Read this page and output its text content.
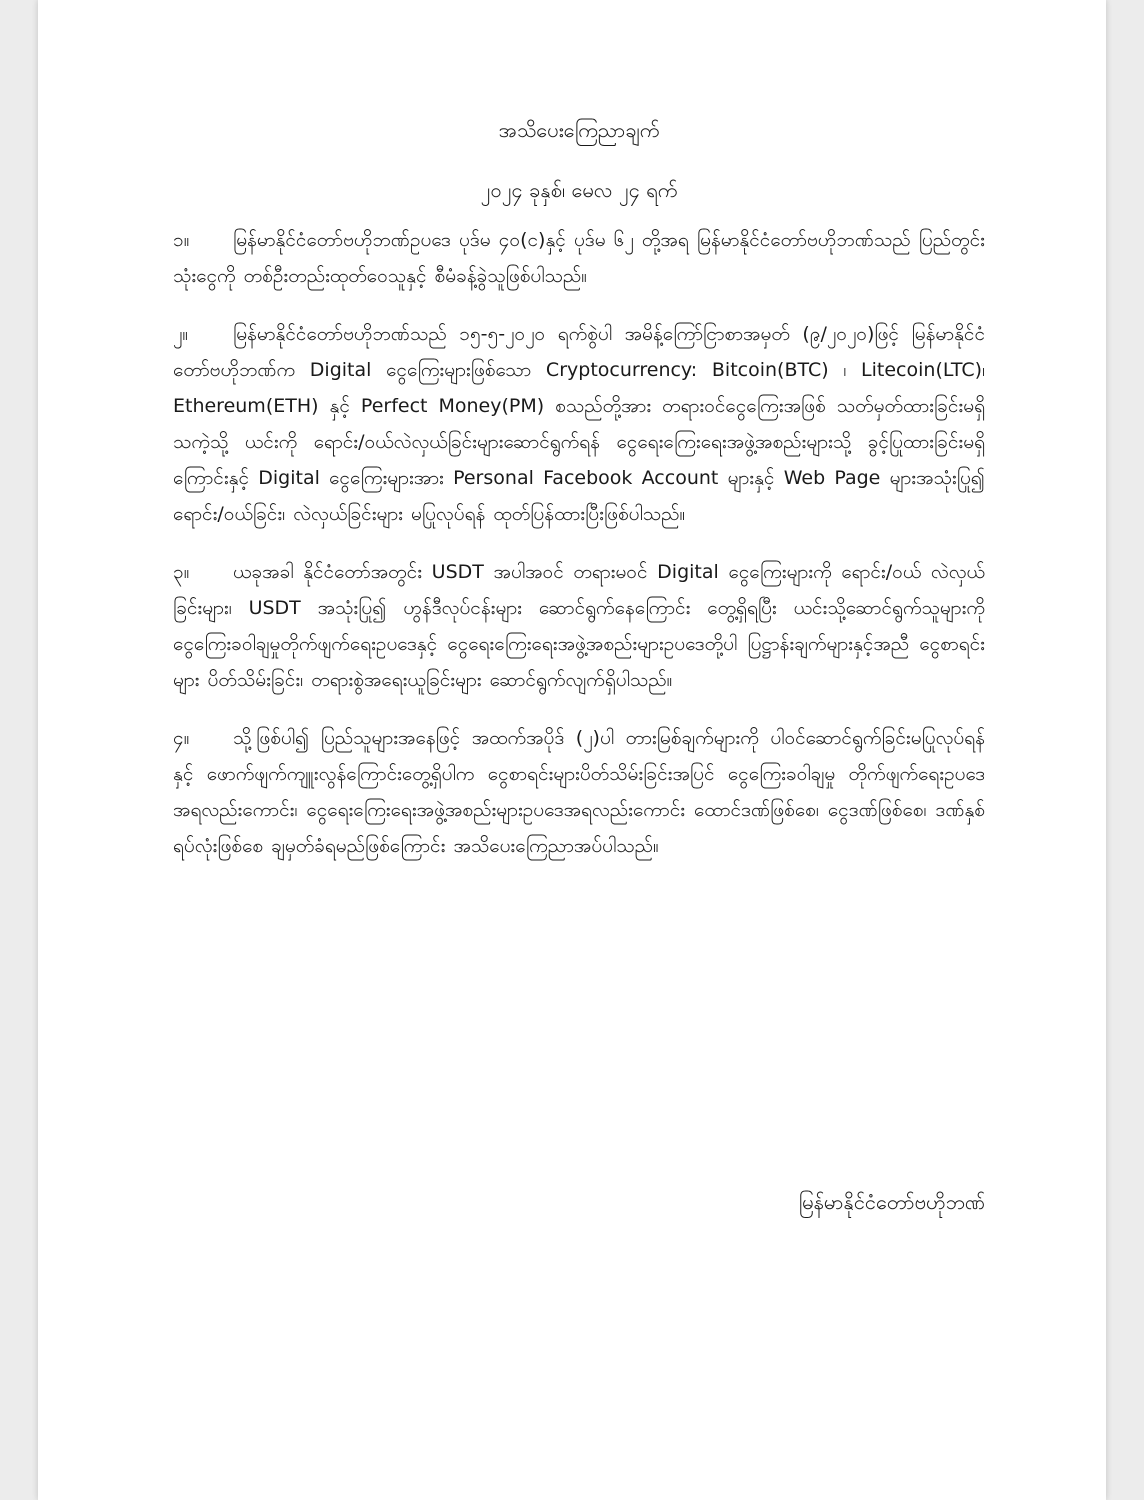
အသိပေးကြေညာချက်

၂၀၂၄ ခုနှစ်၊ မေလ ၂၄ ရက်

၁။ မြန်မာနိုင်ငံတော်ဗဟိုဘဏ်ဥပဒေ ပုဒ်မ ၄၀(င)နှင့် ပုဒ်မ ၆၂ တို့အရ မြန်မာနိုင်ငံတော်ဗဟိုဘဏ်သည် ပြည်တွင်းသုံးငွေကို တစ်ဦးတည်းထုတ်ဝေသူနှင့် စီမံခန့်ခွဲသူဖြစ်ပါသည်။

၂။ မြန်မာနိုင်ငံတော်ဗဟိုဘဏ်သည် ၁၅-၅-၂၀၂၀ ရက်စွဲပါ အမိန့်ကြော်ငြာစာအမှတ် (၉/၂၀၂၀)ဖြင့် မြန်မာနိုင်ငံတော်ဗဟိုဘဏ်က Digital ငွေကြေးများဖြစ်သော Cryptocurrency: Bitcoin(BTC) ၊ Litecoin(LTC)၊ Ethereum(ETH) နှင့် Perfect Money(PM) စသည်တို့အား တရားဝင်ငွေကြေးအဖြစ် သတ်မှတ်ထားခြင်းမရှိသကဲ့သို့ ယင်းကို ရောင်း/ဝယ်လဲလှယ်ခြင်းများဆောင်ရွက်ရန် ငွေရေးကြေးရေးအဖွဲ့အစည်းများသို့ ခွင့်ပြုထားခြင်းမရှိကြောင်းနှင့် Digital ငွေကြေးများအား Personal Facebook Account များနှင့် Web Page များအသုံးပြု၍ ရောင်း/ဝယ်ခြင်း၊ လဲလှယ်ခြင်းများ မပြုလုပ်ရန် ထုတ်ပြန်ထားပြီးဖြစ်ပါသည်။

၃။ ယခုအခါ နိုင်ငံတော်အတွင်း USDT အပါအဝင် တရားမဝင် Digital ငွေကြေးများကို ရောင်း/ဝယ် လဲလှယ်ခြင်းများ၊ USDT အသုံးပြု၍ ဟွန်ဒီလုပ်ငန်းများ ဆောင်ရွက်နေကြောင်း တွေ့ရှိရပြီး ယင်းသို့ဆောင်ရွက်သူများကို ငွေကြေးခဝါချမှုတိုက်ဖျက်ရေးဥပဒေနှင့် ငွေရေးကြေးရေးအဖွဲ့အစည်းများဥပဒေတို့ပါ ပြဋ္ဌာန်းချက်များနှင့်အညီ ငွေစာရင်းများ ပိတ်သိမ်းခြင်း၊ တရားစွဲအရေးယူခြင်းများ ဆောင်ရွက်လျက်ရှိပါသည်။

၄။ သို့ဖြစ်ပါ၍ ပြည်သူများအနေဖြင့် အထက်အပိုဒ် (၂)ပါ တားမြစ်ချက်များကို ပါဝင်ဆောင်ရွက်ခြင်းမပြုလုပ်ရန်နှင့် ဖောက်ဖျက်ကျူးလွန်ကြောင်းတွေ့ရှိပါက ငွေစာရင်းများပိတ်သိမ်းခြင်းအပြင် ငွေကြေးခဝါချမှု တိုက်ဖျက်ရေးဥပဒေအရလည်းကောင်း၊ ငွေရေးကြေးရေးအဖွဲ့အစည်းများဥပဒေအရလည်းကောင်း ထောင်ဒဏ်ဖြစ်စေ၊ ငွေဒဏ်ဖြစ်စေ၊ ဒဏ်နှစ်ရပ်လုံးဖြစ်စေ ချမှတ်ခံရမည်ဖြစ်ကြောင်း အသိပေးကြေညာအပ်ပါသည်။

မြန်မာနိုင်ငံတော်ဗဟိုဘဏ်
